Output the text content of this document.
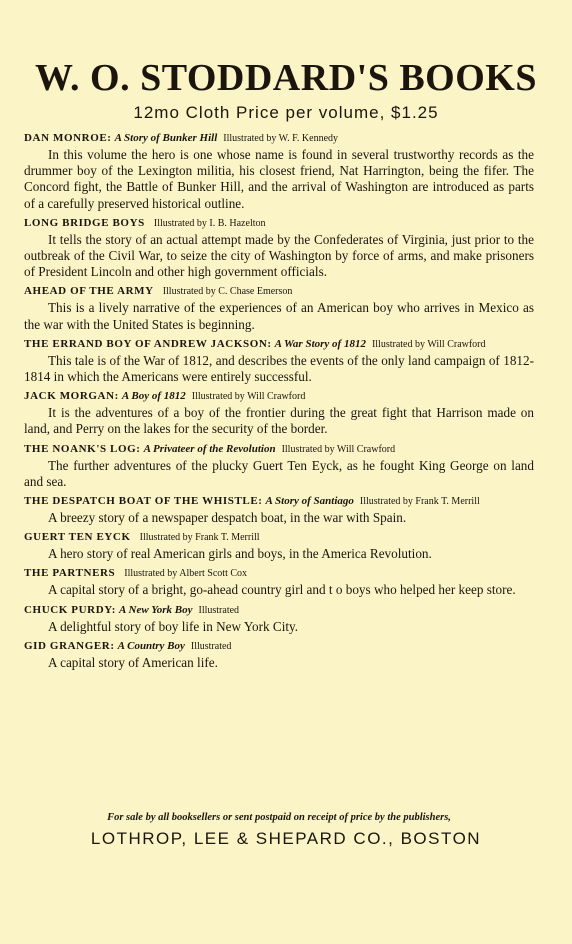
W. O. STODDARD'S BOOKS
12mo Cloth Price per volume, $1.25
DAN MONROE: A Story of Bunker Hill Illustrated by W. F. Kennedy
In this volume the hero is one whose name is found in several trustworthy records as the drummer boy of the Lexington militia, his closest friend, Nat Harrington, being the fifer. The Concord fight, the Battle of Bunker Hill, and the arrival of Washington are introduced as parts of a carefully preserved historical outline.
LONG BRIDGE BOYS Illustrated by I. B. Hazelton
It tells the story of an actual attempt made by the Confederates of Virginia, just prior to the outbreak of the Civil War, to seize the city of Washington by force of arms, and make prisoners of President Lincoln and other high government officials.
AHEAD OF THE ARMY Illustrated by C. Chase Emerson
This is a lively narrative of the experiences of an American boy who arrives in Mexico as the war with the United States is beginning.
THE ERRAND BOY OF ANDREW JACKSON: A War Story of 1812 Illustrated by Will Crawford
This tale is of the War of 1812, and describes the events of the only land campaign of 1812-1814 in which the Americans were entirely successful.
JACK MORGAN: A Boy of 1812 Illustrated by Will Crawford
It is the adventures of a boy of the frontier during the great fight that Harrison made on land, and Perry on the lakes for the security of the border.
THE NOANK'S LOG: A Privateer of the Revolution Illustrated by Will Crawford
The further adventures of the plucky Guert Ten Eyck, as he fought King George on land and sea.
THE DESPATCH BOAT OF THE WHISTLE: A Story of Santiago Illustrated by Frank T. Merrill
A breezy story of a newspaper despatch boat, in the war with Spain.
GUERT TEN EYCK Illustrated by Frank T. Merrill
A hero story of real American girls and boys, in the America Revolution.
THE PARTNERS Illustrated by Albert Scott Cox
A capital story of a bright, go-ahead country girl and t o boys who helped her keep store.
CHUCK PURDY: A New York Boy Illustrated
A delightful story of boy life in New York City.
GID GRANGER: A Country Boy Illustrated
A capital story of American life.
For sale by all booksellers or sent postpaid on receipt of price by the publishers,
LOTHROP, LEE & SHEPARD CO., BOSTON
